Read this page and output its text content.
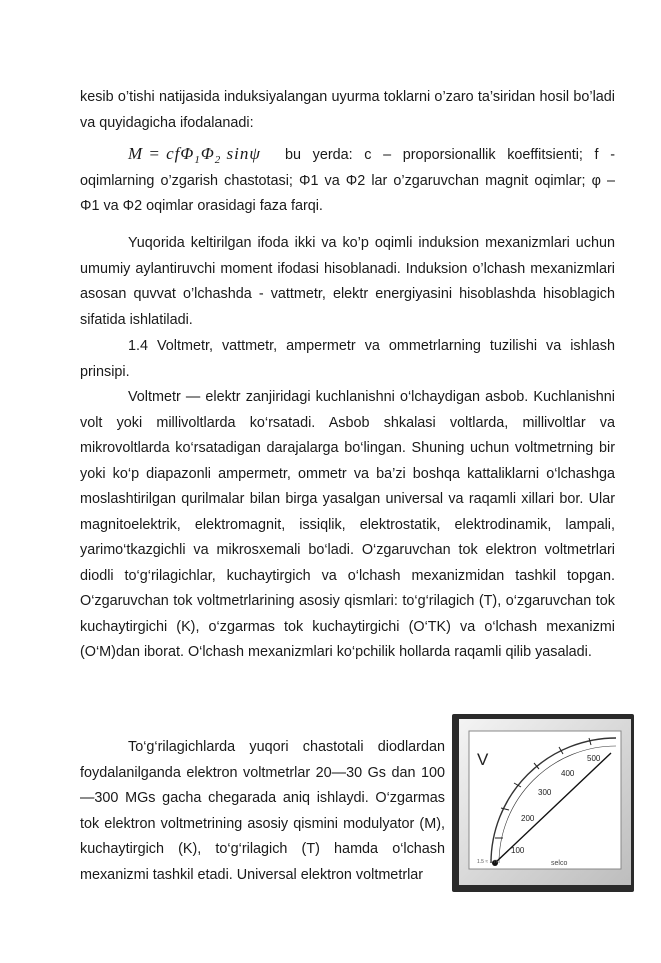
kesib o’tishi natijasida induksiyalangan uyurma toklarni o’zaro ta’siridan hosil bo’ladi va quyidagicha ifodalanadi:

$M = cf\Phi_1\Phi_2$ sinψ	bu yerda: c – proporsionallik koeffitsienti; f - oqimlarning o’zgarish chastotasi; Φ1 va Φ2 lar o’zgaruvchan magnit oqimlar; φ – Φ1 va Φ2 oqimlar orasidagi faza farqi.

Yuqorida keltirilgan ifoda ikki va ko’p oqimli induksion mexanizmlari uchun umumiy aylantiruvchi moment ifodasi hisoblanadi. Induksion o’lchash mexanizmlari asosan quvvat o’lchashda - vattmetr, elektr energiyasini hisoblashda hisoblagich sifatida ishlatiladi.

1.4 Voltmetr, vattmetr, ampermetr va ommetrlarning tuzilishi va ishlash prinsipi.

Voltmetr — elektr zanjiridagi kuchlanishni o‘lchaydigan asbob. Kuchlanishni volt yoki millivoltlarda ko‘rsatadi. Asbob shkalasi voltlarda, millivoltlar va mikrovoltlarda ko‘rsatadigan darajalarga bo‘lingan. Shuning uchun voltmetrning bir yoki ko‘p diapazonli ampermetr, ommetr va ba’zi boshqa kattaliklarni o‘lchashga moslashtirilgan qurilmalar bilan birga yasalgan universal va raqamli xillari bor. Ular magnitoelektrik, elektromagnit, issiqlik, elektrostatik, elektrodinamik, lampali, yarimo‘tkazgichli va mikrosxemali bo‘ladi. O‘zgaruvchan tok elektron voltmetrlari diodli to‘g‘rilagichlar, kuchaytirgich va o‘lchash mexanizmidan tashkil topgan. O‘zgaruvchan tok voltmetrlarining asosiy qismlari: to‘g‘rilagich (T), o‘zgaruvchan tok kuchaytirgichi (K), o‘zgarmas tok kuchaytirgichi (O‘TK) va o‘lchash mexanizmi (O‘M)dan iborat. O‘lchash mexanizmlari ko‘pchilik hollarda raqamli qilib yasaladi.

To‘g‘rilagichlarda yuqori chastotali diodlardan foydalanilganda elektron voltmetrlar 20—30 Gs dan 100—300 MGs gacha chegarada aniq ishlaydi. O‘zgarmas tok elektron voltmetrining asosiy qismini modulyator (M), kuchaytirgich (K), to‘g‘rilagich (T) hamda o‘lchash mexanizmi tashkil etadi. Universal elektron voltmetrlar

V
100
200
300
400
500
selco
1.5 ≈ 1 ⊓
